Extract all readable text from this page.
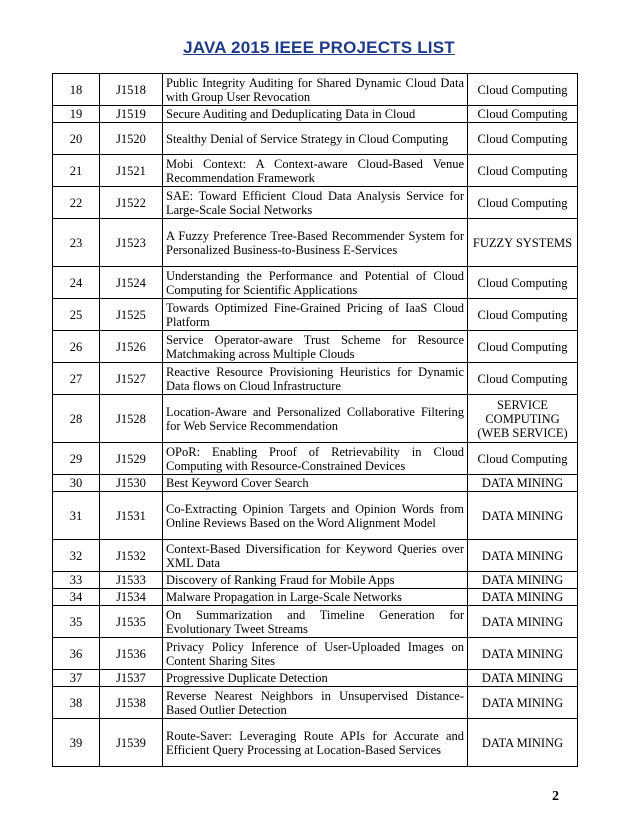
JAVA 2015 IEEE PROJECTS LIST
18	J1518	Public Integrity Auditing for Shared Dynamic Cloud Data with Group User Revocation	Cloud Computing
19	J1519	Secure Auditing and Deduplicating Data in Cloud	Cloud Computing
20	J1520	Stealthy Denial of Service Strategy in Cloud Computing	Cloud Computing
21	J1521	Mobi Context: A Context-aware Cloud-Based Venue Recommendation Framework	Cloud Computing
22	J1522	SAE: Toward Efficient Cloud Data Analysis Service for Large-Scale Social Networks	Cloud Computing
23	J1523	A Fuzzy Preference Tree-Based Recommender System for Personalized Business-to-Business E-Services	FUZZY SYSTEMS
24	J1524	Understanding the Performance and Potential of Cloud Computing for Scientific Applications	Cloud Computing
25	J1525	Towards Optimized Fine-Grained Pricing of IaaS Cloud Platform	Cloud Computing
26	J1526	Service Operator-aware Trust Scheme for Resource Matchmaking across Multiple Clouds	Cloud Computing
27	J1527	Reactive Resource Provisioning Heuristics for Dynamic Data flows on Cloud Infrastructure	Cloud Computing
28	J1528	Location-Aware and Personalized Collaborative Filtering for Web Service Recommendation	SERVICE COMPUTING (WEB SERVICE)
29	J1529	OPoR: Enabling Proof of Retrievability in Cloud Computing with Resource-Constrained Devices	Cloud Computing
30	J1530	Best Keyword Cover Search	DATA MINING
31	J1531	Co-Extracting Opinion Targets and Opinion Words from Online Reviews Based on the Word Alignment Model	DATA MINING
32	J1532	Context-Based Diversification for Keyword Queries over XML Data	DATA MINING
33	J1533	Discovery of Ranking Fraud for Mobile Apps	DATA MINING
34	J1534	Malware Propagation in Large-Scale Networks	DATA MINING
35	J1535	On Summarization and Timeline Generation for Evolutionary Tweet Streams	DATA MINING
36	J1536	Privacy Policy Inference of User-Uploaded Images on Content Sharing Sites	DATA MINING
37	J1537	Progressive Duplicate Detection	DATA MINING
38	J1538	Reverse Nearest Neighbors in Unsupervised Distance-Based Outlier Detection	DATA MINING
39	J1539	Route-Saver: Leveraging Route APIs for Accurate and Efficient Query Processing at Location-Based Services	DATA MINING
2
